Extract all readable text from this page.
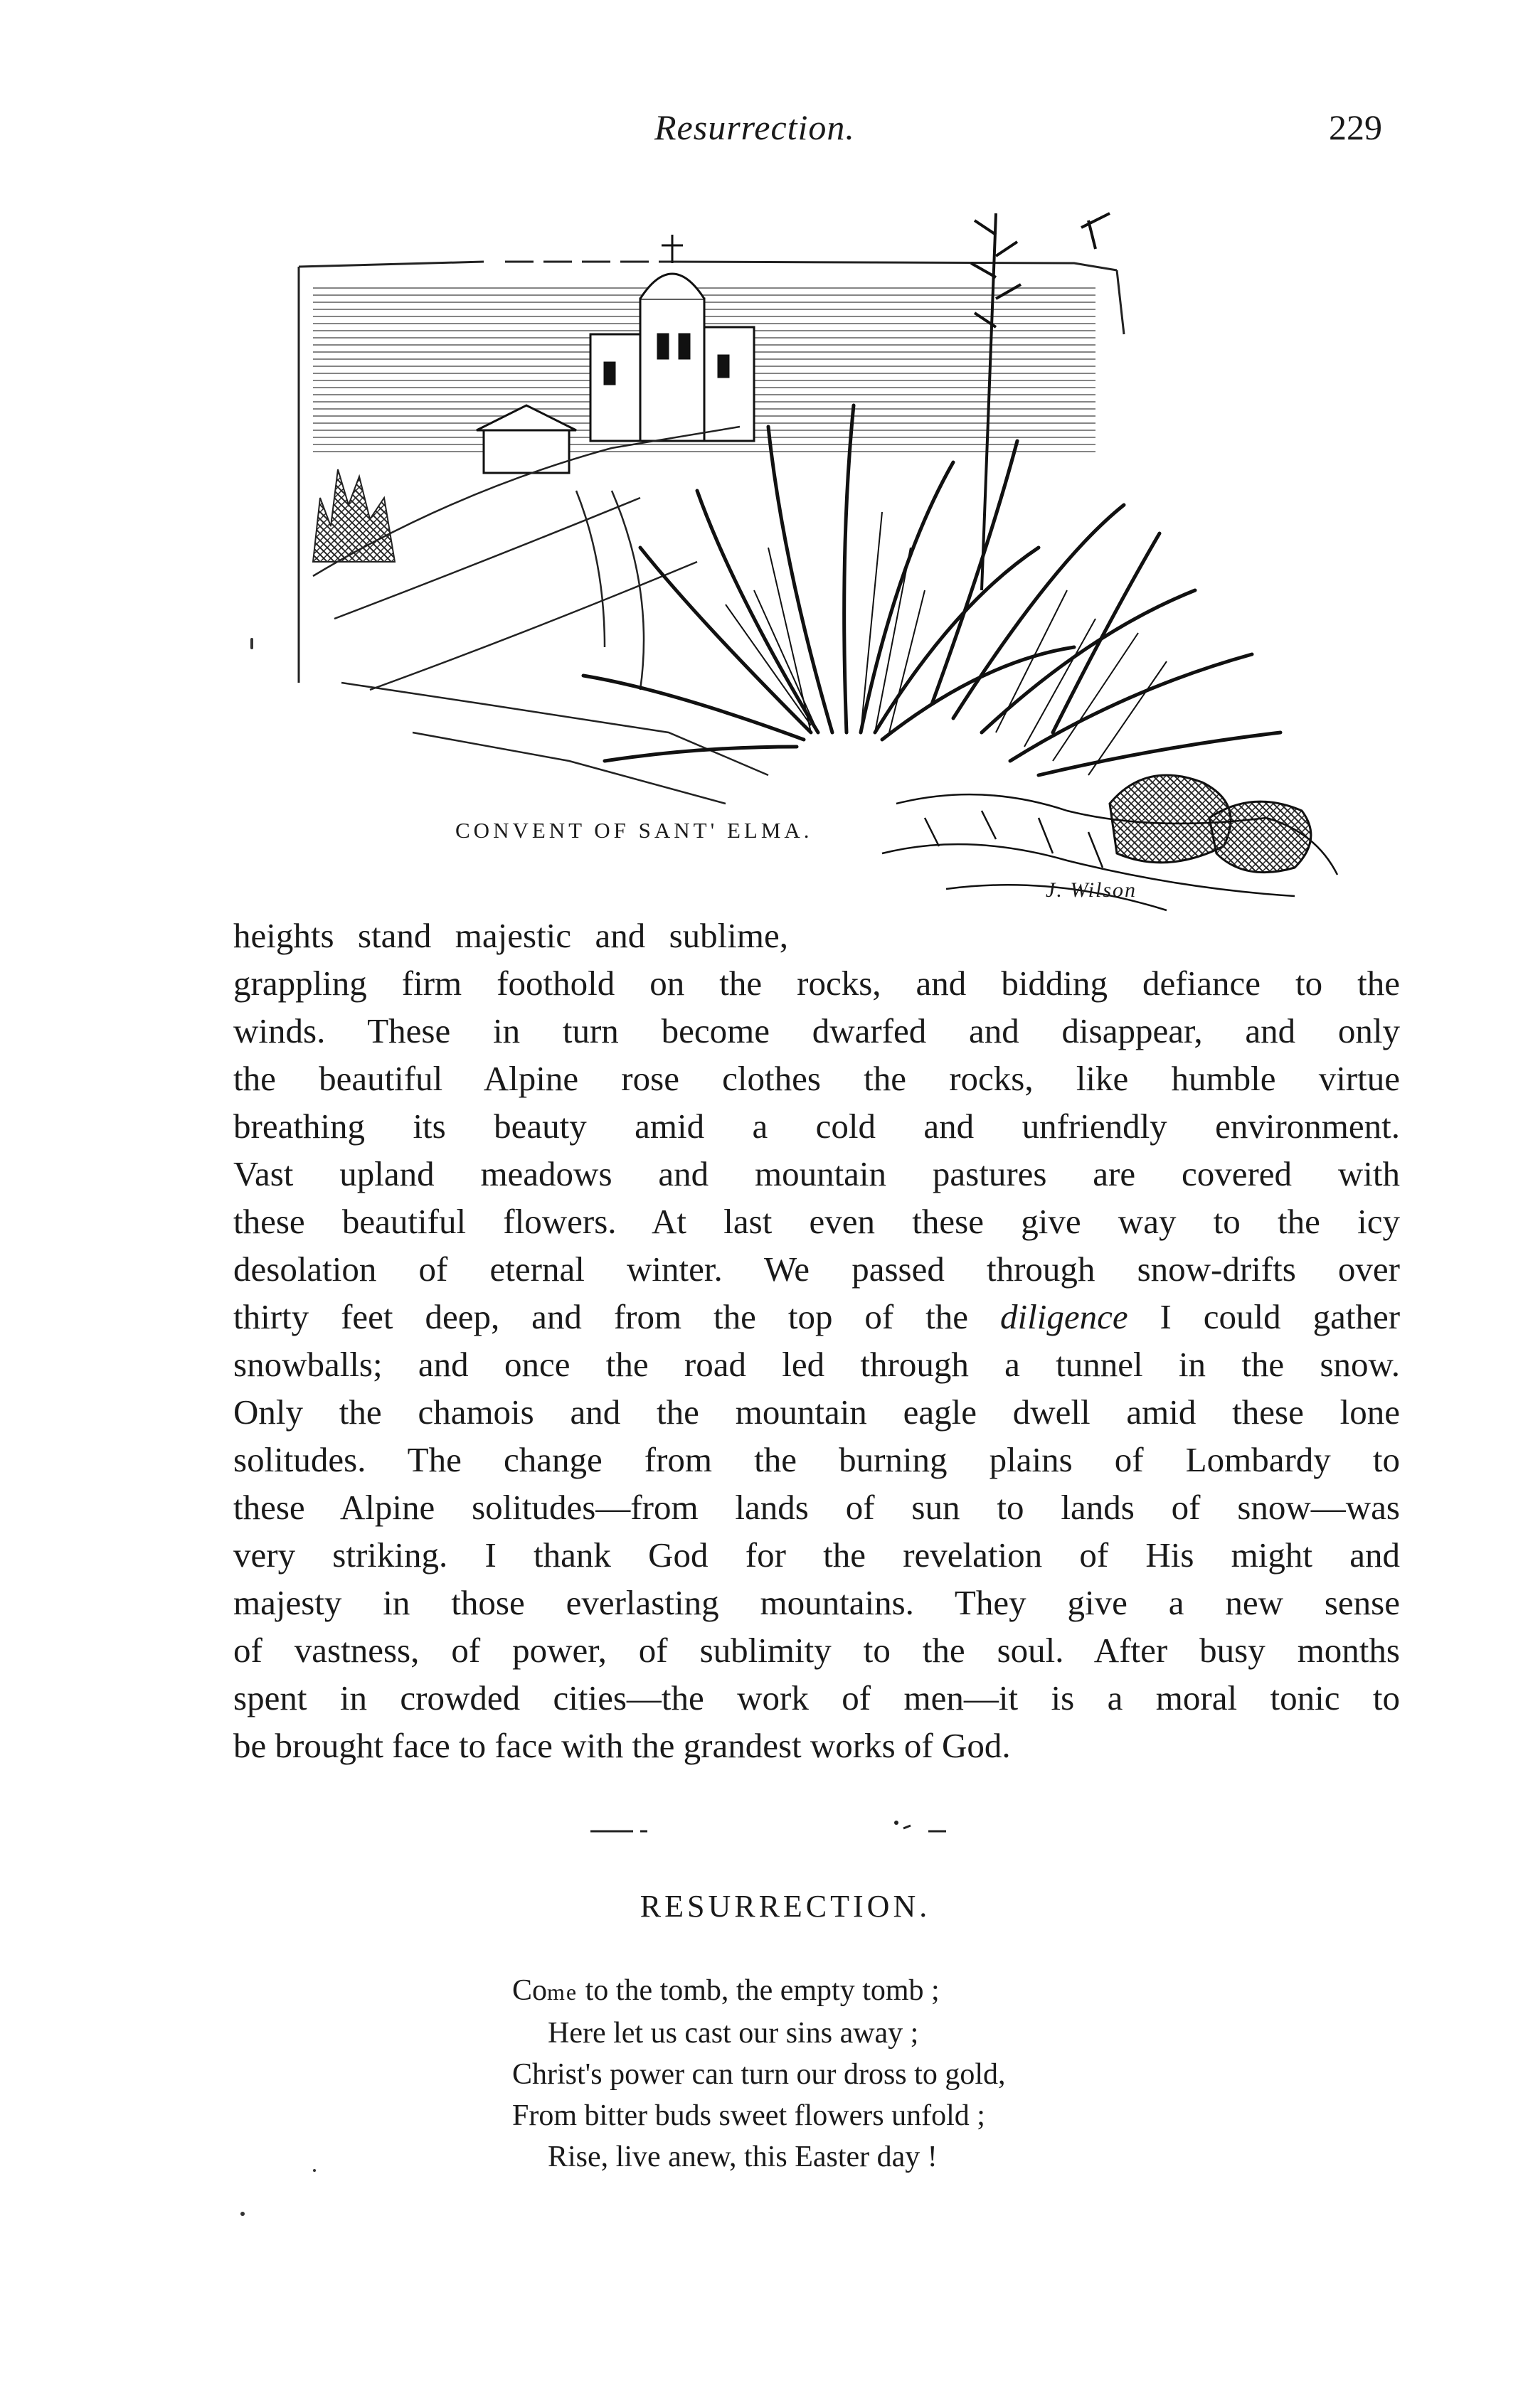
Resurrection.	229
CONVENT OF SANT' ELMA.
J. Wilson
heights stand majestic and sublime,
grappling firm foothold on the rocks, and bidding defiance to the
winds. These in turn become dwarfed and disappear, and only
the beautiful Alpine rose clothes the rocks, like humble virtue
breathing its beauty amid a cold and unfriendly environment.
Vast upland meadows and mountain pastures are covered with
these beautiful flowers. At last even these give way to the icy
desolation of eternal winter. We passed through snow-drifts over
thirty feet deep, and from the top of the diligence I could gather
snowballs; and once the road led through a tunnel in the snow.
Only the chamois and the mountain eagle dwell amid these lone
solitudes. The change from the burning plains of Lombardy to
these Alpine solitudes—from lands of sun to lands of snow—was
very striking. I thank God for the revelation of His might and
majesty in those everlasting mountains. They give a new sense
of vastness, of power, of sublimity to the soul. After busy months
spent in crowded cities—the work of men—it is a moral tonic to
be brought face to face with the grandest works of God.
RESURRECTION.
Come to the tomb, the empty tomb ;
Here let us cast our sins away ;
Christ's power can turn our dross to gold,
From bitter buds sweet flowers unfold ;
Rise, live anew, this Easter day !
